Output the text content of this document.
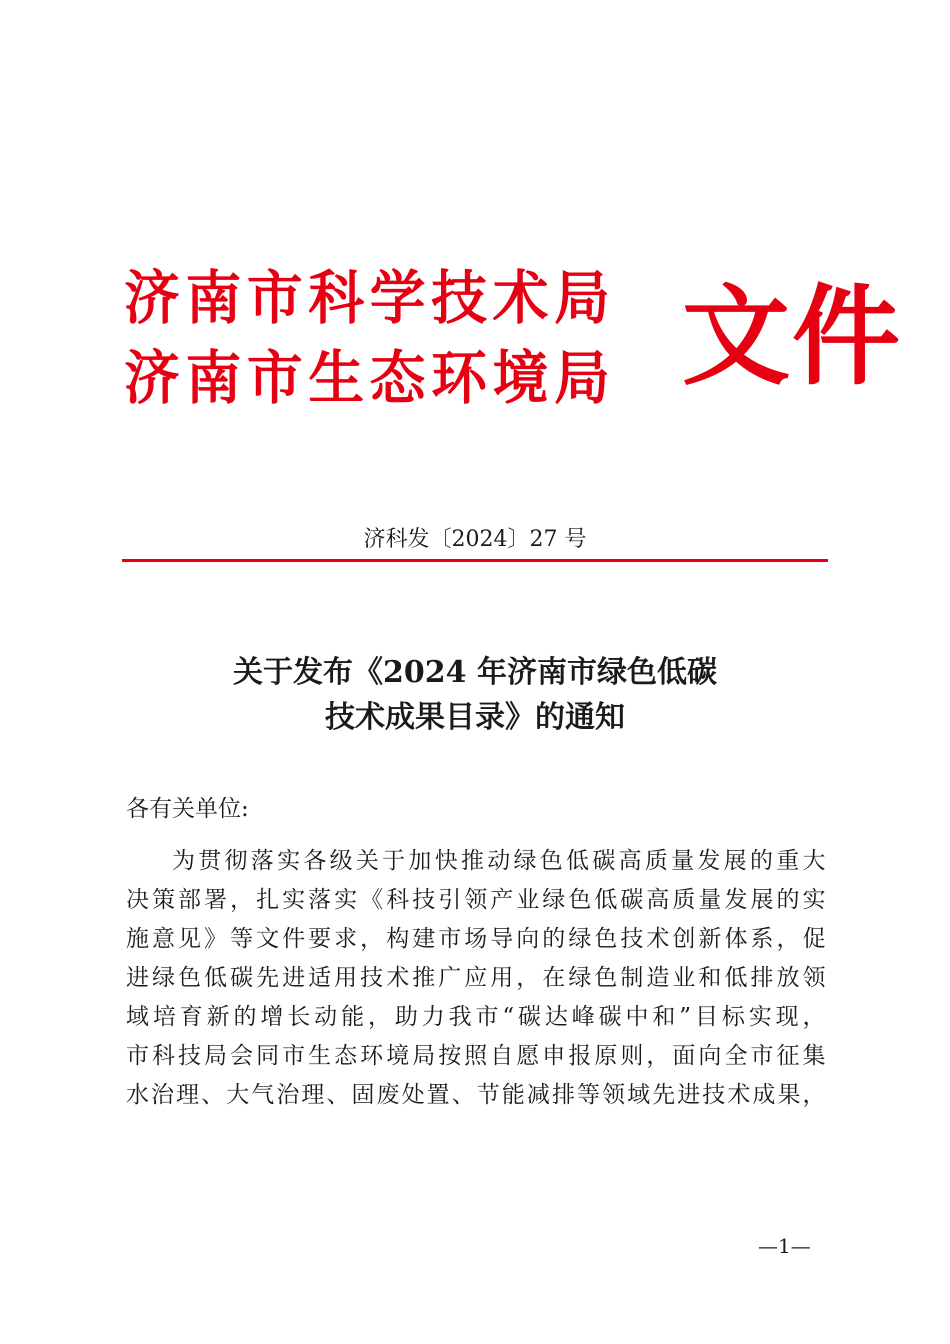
济南市科学技术局
济南市生态环境局 文件
济科发〔2024〕27 号
关于发布《2024 年济南市绿色低碳
技术成果目录》的通知
各有关单位:
为贯彻落实各级关于加快推动绿色低碳高质量发展的重大
决策部署，扎实落实《科技引领产业绿色低碳高质量发展的实
施意见》等文件要求，构建市场导向的绿色技术创新体系，促
进绿色低碳先进适用技术推广应用，在绿色制造业和低排放领
域培育新的增长动能，助力我市“碳达峰碳中和”目标实现，
市科技局会同市生态环境局按照自愿申报原则，面向全市征集
水治理、大气治理、固废处置、节能减排等领域先进技术成果，
—1—
